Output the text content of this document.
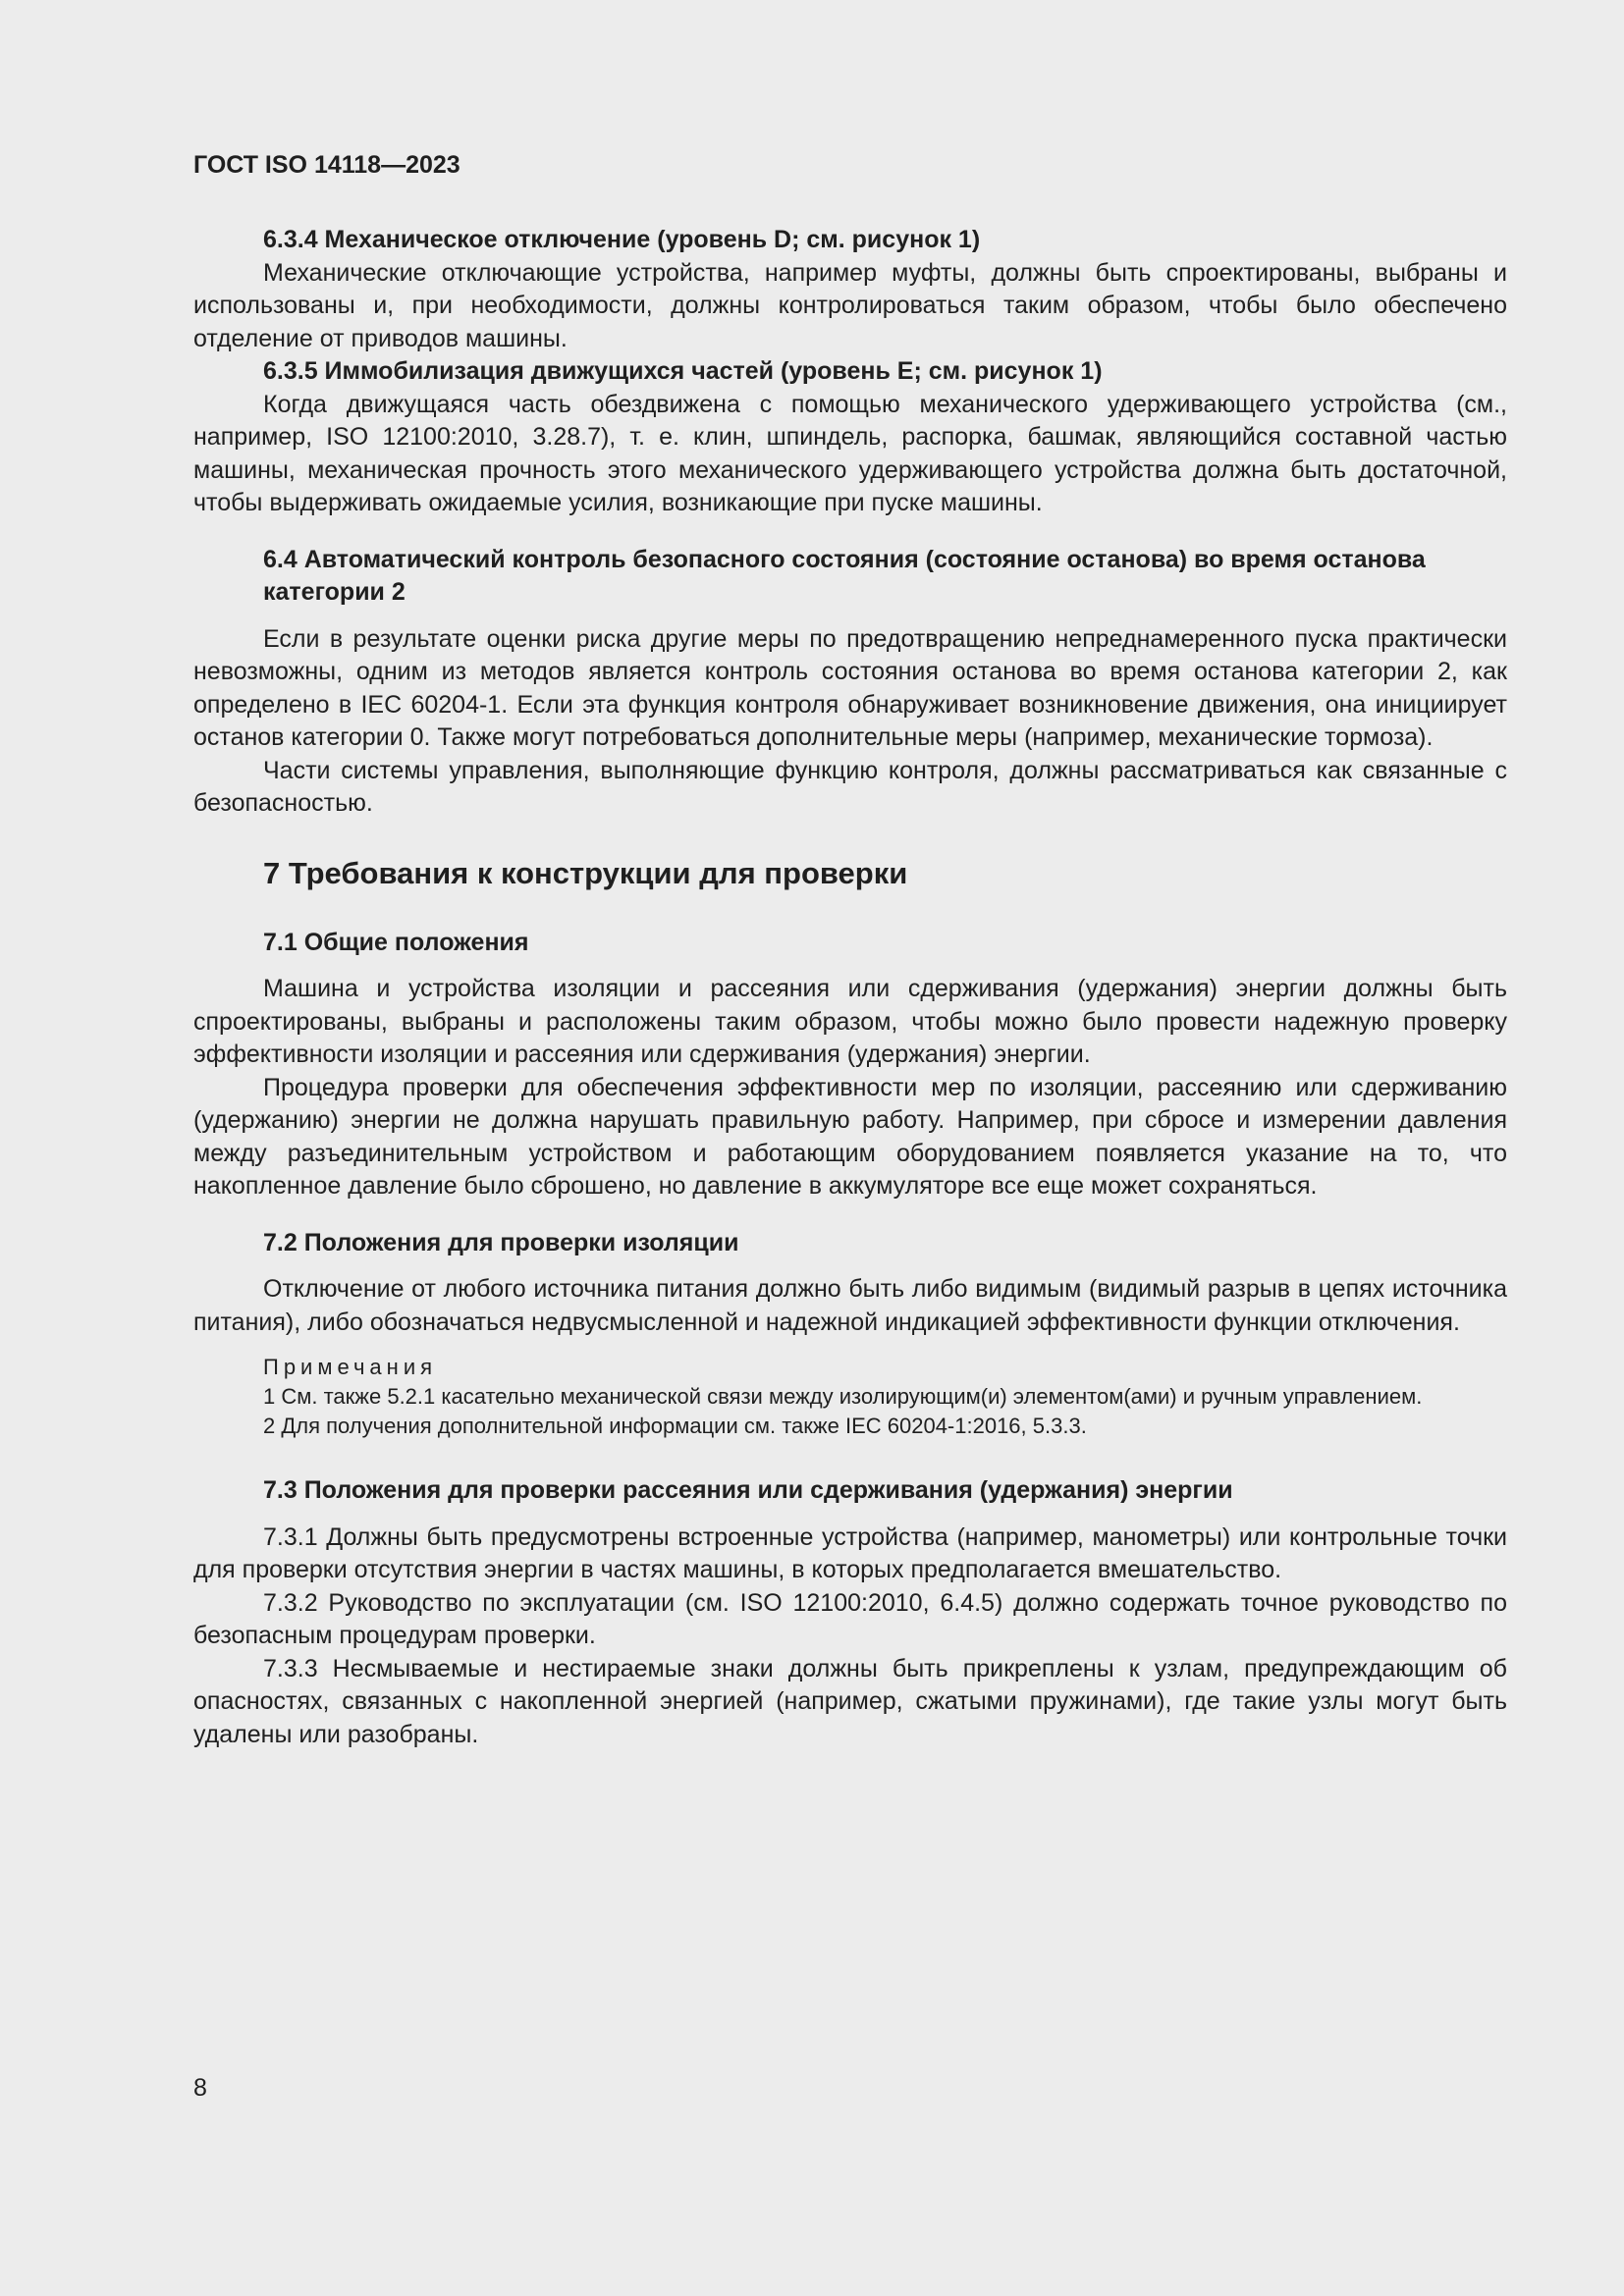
ГОСТ ISO 14118—2023

6.3.4 Механическое отключение (уровень D; см. рисунок 1)

Механические отключающие устройства, например муфты, должны быть спроектированы, выбраны и использованы и, при необходимости, должны контролироваться таким образом, чтобы было обеспечено отделение от приводов машины.

6.3.5 Иммобилизация движущихся частей (уровень Е; см. рисунок 1)

Когда движущаяся часть обездвижена с помощью механического удерживающего устройства (см., например, ISO 12100:2010, 3.28.7), т. е. клин, шпиндель, распорка, башмак, являющийся составной частью машины, механическая прочность этого механического удерживающего устройства должна быть достаточной, чтобы выдерживать ожидаемые усилия, возникающие при пуске машины.

6.4 Автоматический контроль безопасного состояния (состояние останова) во время останова категории 2

Если в результате оценки риска другие меры по предотвращению непреднамеренного пуска практически невозможны, одним из методов является контроль состояния останова во время останова категории 2, как определено в IEC 60204-1. Если эта функция контроля обнаруживает возникновение движения, она инициирует останов категории 0. Также могут потребоваться дополнительные меры (например, механические тормоза).

Части системы управления, выполняющие функцию контроля, должны рассматриваться как связанные с безопасностью.

7 Требования к конструкции для проверки

7.1 Общие положения

Машина и устройства изоляции и рассеяния или сдерживания (удержания) энергии должны быть спроектированы, выбраны и расположены таким образом, чтобы можно было провести надежную проверку эффективности изоляции и рассеяния или сдерживания (удержания) энергии.

Процедура проверки для обеспечения эффективности мер по изоляции, рассеянию или сдерживанию (удержанию) энергии не должна нарушать правильную работу. Например, при сбросе и измерении давления между разъединительным устройством и работающим оборудованием появляется указание на то, что накопленное давление было сброшено, но давление в аккумуляторе все еще может сохраняться.

7.2 Положения для проверки изоляции

Отключение от любого источника питания должно быть либо видимым (видимый разрыв в цепях источника питания), либо обозначаться недвусмысленной и надежной индикацией эффективности функции отключения.

Примечания

1 См. также 5.2.1 касательно механической связи между изолирующим(и) элементом(ами) и ручным управлением.

2 Для получения дополнительной информации см. также IEC 60204-1:2016, 5.3.3.

7.3 Положения для проверки рассеяния или сдерживания (удержания) энергии

7.3.1 Должны быть предусмотрены встроенные устройства (например, манометры) или контрольные точки для проверки отсутствия энергии в частях машины, в которых предполагается вмешательство.

7.3.2 Руководство по эксплуатации (см. ISO 12100:2010, 6.4.5) должно содержать точное руководство по безопасным процедурам проверки.

7.3.3 Несмываемые и нестираемые знаки должны быть прикреплены к узлам, предупреждающим об опасностях, связанных с накопленной энергией (например, сжатыми пружинами), где такие узлы могут быть удалены или разобраны.

8
